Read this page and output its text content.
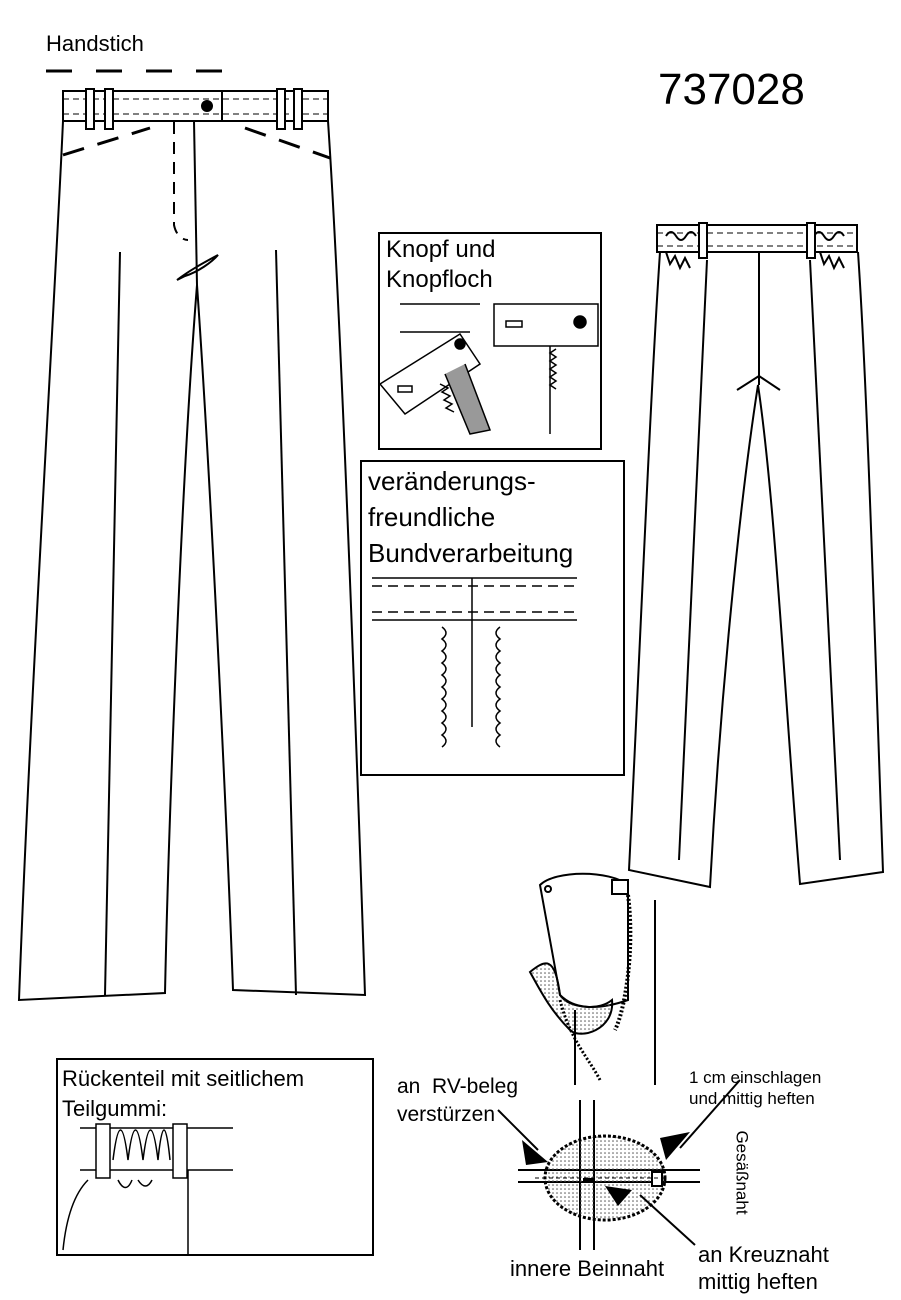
Handstich
737028
Knopf und
Knopfloch
veränderungs-
freundliche
Bundverarbeitung
Rückenteil mit seitlichem
Teilgummi:
an  RV-beleg
verstürzen
1 cm einschlagen
und mittig heften
Gesäßnaht
innere Beinnaht
an Kreuznaht
mittig heften
